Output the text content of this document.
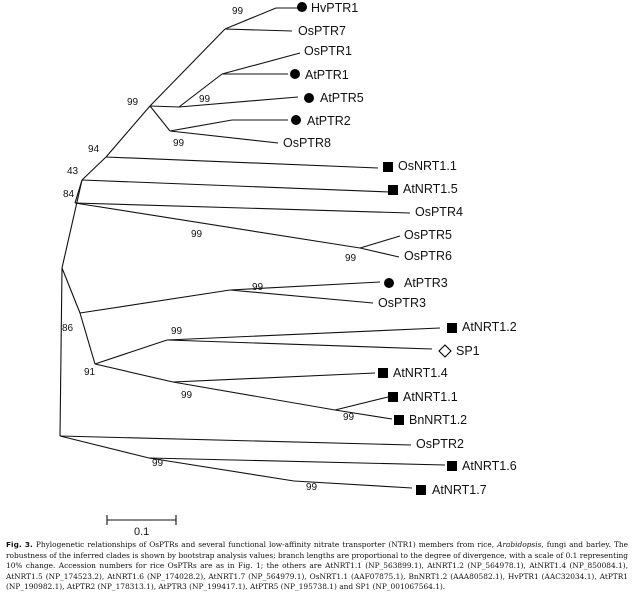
HvPTR1
OsPTR7
OsPTR1
AtPTR1
AtPTR5
AtPTR2
OsPTR8
OsNRT1.1
AtNRT1.5
OsPTR4
OsPTR5
OsPTR6
AtPTR3
OsPTR3
AtNRT1.2
SP1
AtNRT1.4
AtNRT1.1
BnNRT1.2
OsPTR2
AtNRT1.6
AtNRT1.7
99
99
99
99
94
43
84
99
99
99
86	99
91
99
99
99
99
0.1

Fig. 3. Phylogenetic relationships of OsPTRs and several functional low-affinity nitrate transporter (NTR1) members from rice, Arabidopsis, fungi and barley. The robustness of the inferred clades is shown by bootstrap analysis values; branch lengths are proportional to the degree of divergence, with a scale of 0.1 representing 10% change. Accession numbers for rice OsPTRs are as in Fig. 1; the others are AtNRT1.1 (NP_563899.1), AtNRT1.2 (NP_564978.1), AtNRT1.4 (NP_850084.1), AtNRT1.5 (NP_174523.2), AtNRT1.6 (NP_174028.2), AtNRT1.7 (NP_564979.1), OsNRT1.1 (AAF07875.1), BnNRT1.2 (AAA80582.1), HvPTR1 (AAC32034.1), AtPTR1 (NP_190982.1), AtPTR2 (NP_178313.1), AtPTR3 (NP_199417.1), AtPTR5 (NP_195738.1) and SP1 (NP_001067564.1).
